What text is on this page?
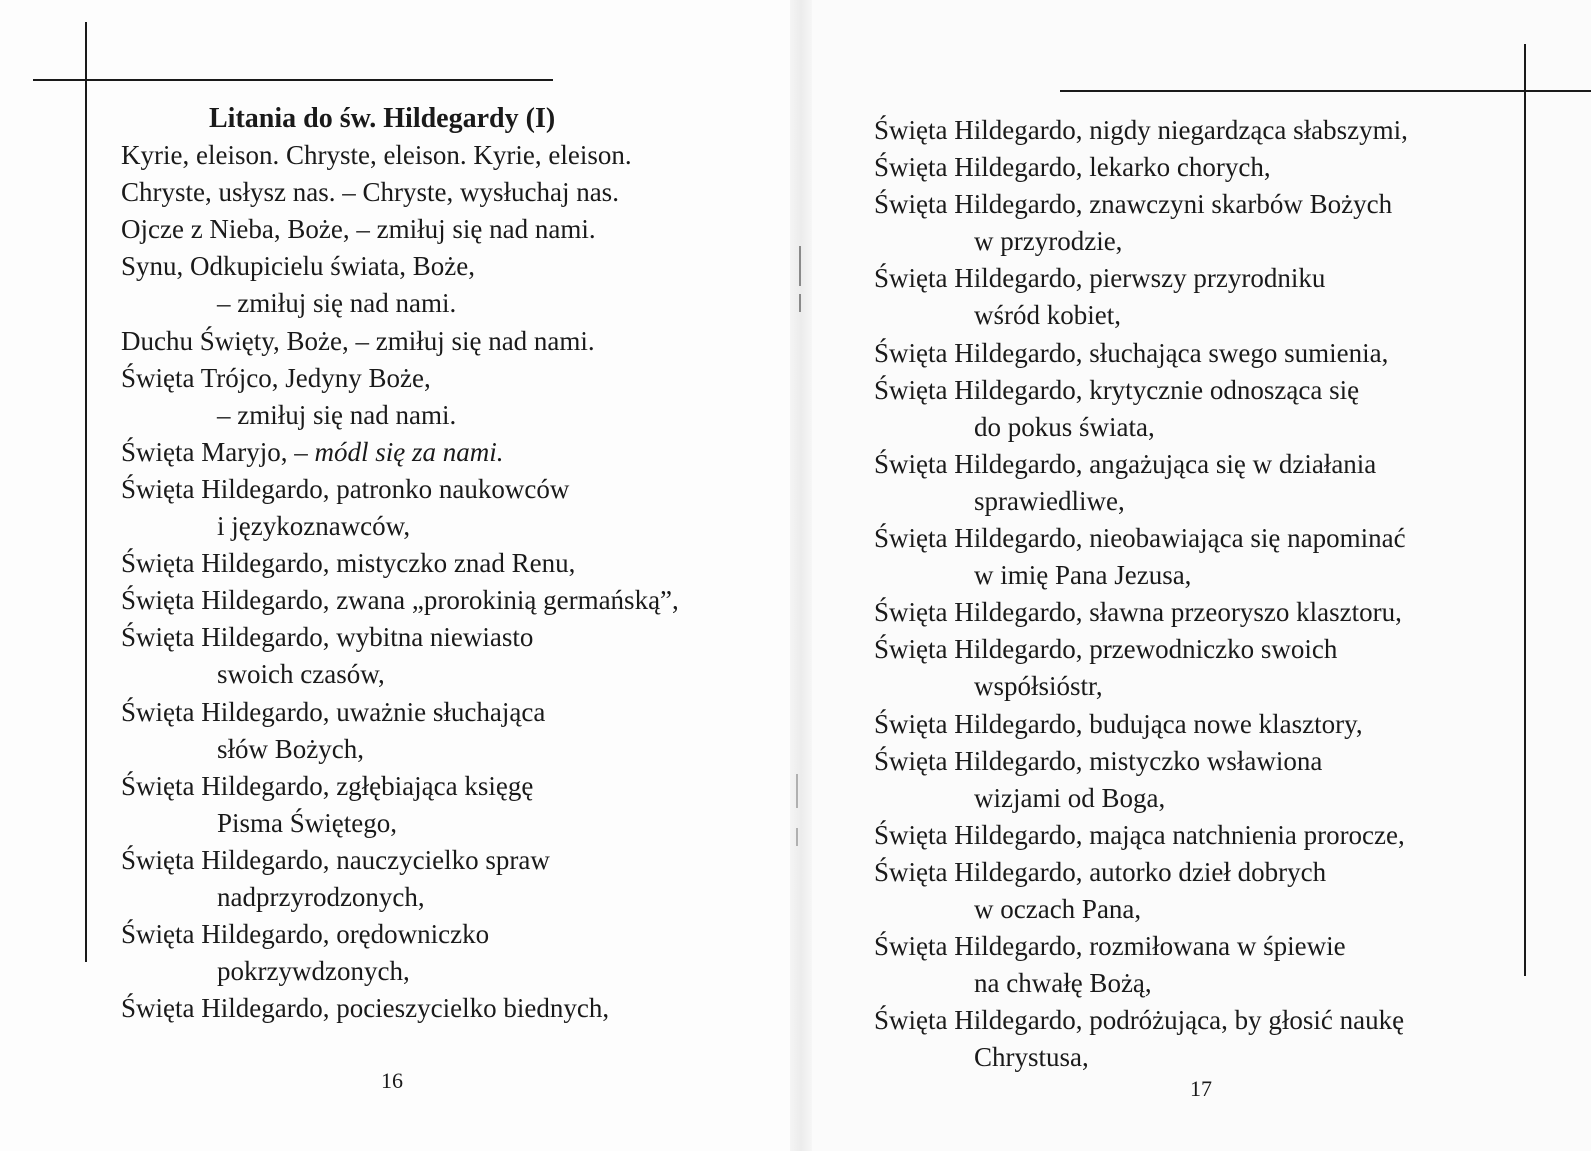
Litania do św. Hildegardy (I)
Kyrie, eleison. Chryste, eleison. Kyrie, eleison.
Chryste, usłysz nas. – Chryste, wysłuchaj nas.
Ojcze z Nieba, Boże, – zmiłuj się nad nami.
Synu, Odkupicielu świata, Boże,
– zmiłuj się nad nami.
Duchu Święty, Boże, – zmiłuj się nad nami.
Święta Trójco, Jedyny Boże,
– zmiłuj się nad nami.
Święta Maryjo, – módl się za nami.
Święta Hildegardo, patronko naukowców
i językoznawców,
Święta Hildegardo, mistyczko znad Renu,
Święta Hildegardo, zwana „prorokinią germańską”,
Święta Hildegardo, wybitna niewiasto
swoich czasów,
Święta Hildegardo, uważnie słuchająca
słów Bożych,
Święta Hildegardo, zgłębiająca księgę
Pisma Świętego,
Święta Hildegardo, nauczycielko spraw
nadprzyrodzonych,
Święta Hildegardo, orędowniczko
pokrzywdzonych,
Święta Hildegardo, pocieszycielko biednych,
16	17
Święta Hildegardo, nigdy niegardząca słabszymi,
Święta Hildegardo, lekarko chorych,
Święta Hildegardo, znawczyni skarbów Bożych
w przyrodzie,
Święta Hildegardo, pierwszy przyrodniku
wśród kobiet,
Święta Hildegardo, słuchająca swego sumienia,
Święta Hildegardo, krytycznie odnosząca się
do pokus świata,
Święta Hildegardo, angażująca się w działania
sprawiedliwe,
Święta Hildegardo, nieobawiająca się napominać
w imię Pana Jezusa,
Święta Hildegardo, sławna przeoryszo klasztoru,
Święta Hildegardo, przewodniczko swoich
współsióstr,
Święta Hildegardo, budująca nowe klasztory,
Święta Hildegardo, mistyczko wsławiona
wizjami od Boga,
Święta Hildegardo, mająca natchnienia prorocze,
Święta Hildegardo, autorko dzieł dobrych
w oczach Pana,
Święta Hildegardo, rozmiłowana w śpiewie
na chwałę Bożą,
Święta Hildegardo, podróżująca, by głosić naukę
Chrystusa,
